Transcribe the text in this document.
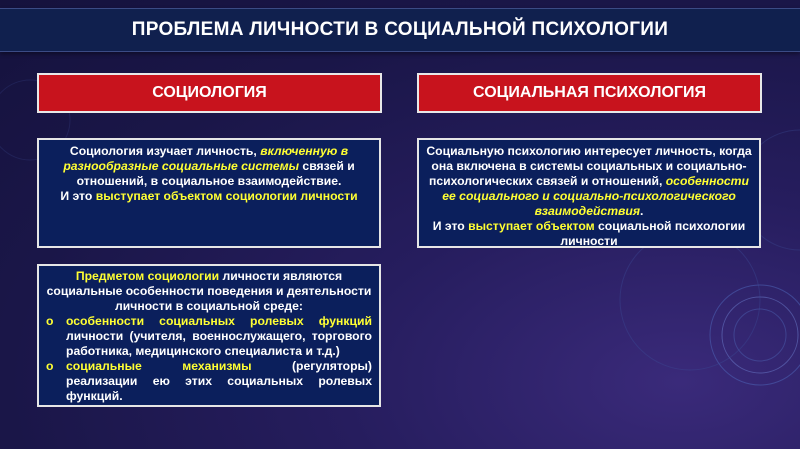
ПРОБЛЕМА ЛИЧНОСТИ В СОЦИАЛЬНОЙ ПСИХОЛОГИИ
СОЦИОЛОГИЯ	СОЦИАЛЬНАЯ ПСИХОЛОГИЯ
Социология изучает личность, включенную в разнообразные социальные системы связей и отношений, в социальное взаимодействие.
И это выступает объектом социологии личности
Социальную психологию интересует личность, когда она включена в системы социальных и социально-психологических связей и отношений, особенности ее социального и социально-психологического взаимодействия.
И это выступает объектом социальной психологии личности
Предметом социологии личности являются социальные особенности поведения и деятельности личности в социальной среде:
o особенности социальных ролевых функций личности (учителя, военнослужащего, торгового работника, медицинского специалиста и т.д.)
o социальные механизмы (регуляторы) реализации ею этих социальных ролевых функций.
